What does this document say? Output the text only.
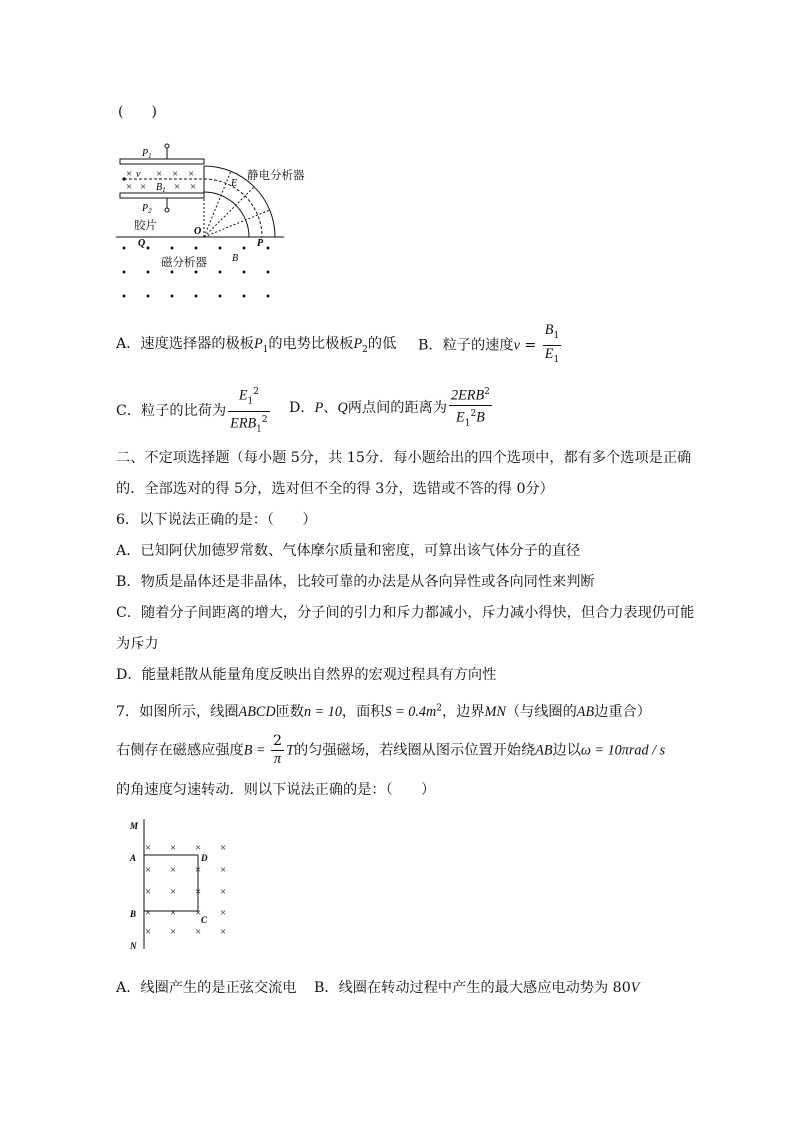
(　　)
$P_1$
$P_2$
× × × ×
× ×
v
$B_1$ × ×	E
O
P
Q
B
胶片
静电分析器
磁分析器
A．速度选择器的极板$P_1$的电势比极板$P_2$的低 B．粒子的速度$v = \frac{B_1}{E_1}$
C．粒子的比荷为 $\frac{E_1^2}{ERB_1^2}$ D．P、Q两点间的距离为 $\frac{2ERB^2}{E_1^2B}$
二、不定项选择题（每小题 5分，共 15分．每小题给出的四个选项中，都有多个选项是正确
的．全部选对的得 5分，选对但不全的得 3分，选错或不答的得 0分）
6．以下说法正确的是：（　　）
A．已知阿伏加德罗常数、气体摩尔质量和密度，可算出该气体分子的直径
B．物质是晶体还是非晶体，比较可靠的办法是从各向异性或各向同性来判断
C．随着分子间距离的增大，分子间的引力和斥力都减小，斥力减小得快，但合力表现仍可能
为斥力
D．能量耗散从能量角度反映出自然界的宏观过程具有方向性
7．如图所示，线圈ABCD匝数n = 10，面积$S = 0.4m^2$，边界MN（与线圈的AB边重合）
右侧存在磁感应强度$B = \frac{2}{\pi}$ T的匀强磁场，若线圈从图示位置开始绕AB边以ω = 10πrad / s
的角速度匀速转动．则以下说法正确的是：（　　）
M
A
B
N
D
C
× × × ×
× × × ×
× × × ×
× × × ×
× × × ×
A．线圈产生的是正弦交流电 B．线圈在转动过程中产生的最大感应电动势为 80V
